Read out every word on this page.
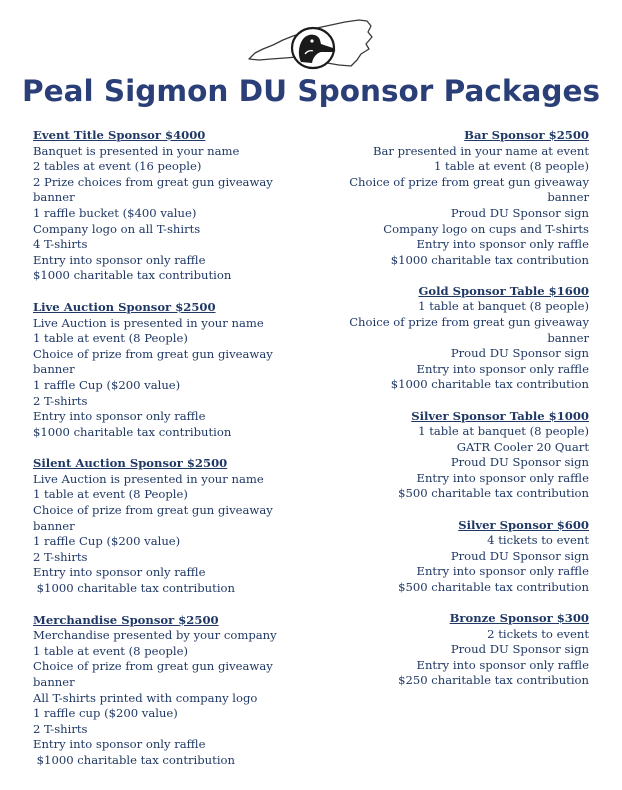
Peal Sigmon DU Sponsor Packages
Event Title Sponsor $4000
Banquet is presented in your name
2 tables at event (16 people)
2 Prize choices from great gun giveaway
banner
1 raffle bucket ($400 value)
Company logo on all T-shirts
4 T-shirts
Entry into sponsor only raffle
$1000 charitable tax contribution
Live Auction Sponsor $2500
Live Auction is presented in your name
1 table at event (8 People)
Choice of prize from great gun giveaway
banner
1 raffle Cup ($200 value)
2 T-shirts
Entry into sponsor only raffle
$1000 charitable tax contribution
Silent Auction Sponsor $2500
Live Auction is presented in your name
1 table at event (8 People)
Choice of prize from great gun giveaway
banner
1 raffle Cup ($200 value)
2 T-shirts
Entry into sponsor only raffle
$1000 charitable tax contribution
Merchandise Sponsor $2500
Merchandise presented by your company
1 table at event (8 people)
Choice of prize from great gun giveaway
banner
All T-shirts printed with company logo
1 raffle cup ($200 value)
2 T-shirts
Entry into sponsor only raffle
$1000 charitable tax contribution
Bar Sponsor $2500
Bar presented in your name at event
1 table at event (8 people)
Choice of prize from great gun giveaway
banner
Proud DU Sponsor sign
Company logo on cups and T-shirts
Entry into sponsor only raffle
$1000 charitable tax contribution
Gold Sponsor Table $1600
1 table at banquet (8 people)
Choice of prize from great gun giveaway
banner
Proud DU Sponsor sign
Entry into sponsor only raffle
$1000 charitable tax contribution
Silver Sponsor Table $1000
1 table at banquet (8 people)
GATR Cooler 20 Quart
Proud DU Sponsor sign
Entry into sponsor only raffle
$500 charitable tax contribution
Silver Sponsor $600
4 tickets to event
Proud DU Sponsor sign
Entry into sponsor only raffle
$500 charitable tax contribution
Bronze Sponsor $300
2 tickets to event
Proud DU Sponsor sign
Entry into sponsor only raffle
$250 charitable tax contribution
